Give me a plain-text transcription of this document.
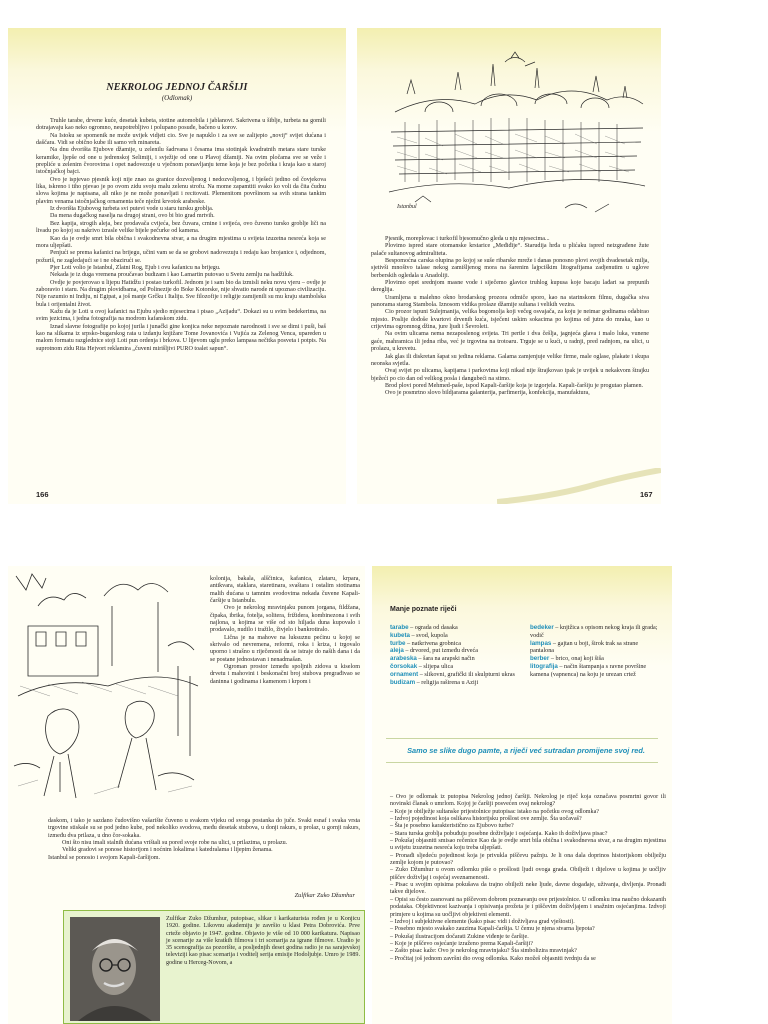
NEKROLOG JEDNOJ ČARŠIJI
(Odlomak)

Truhle tarabe, drvene kuće, desetak kubeta, stotine automobila i jablanovi. Sakrivena u šiblje, turbeta na gomili dotrajavaju kao neko ogromno, neupotrebljivo i polupano posuđe, bačeno u korov.

Na Istoku se spomenik ne može uvijek vidjeti cio. Sve je napuklo i za sve se zalijepio „novij“ svijet dućana i daščara. Vidi se obično kube ili samo vrh minareta.

Na dnu dvorišta Ejubove džamije, u zelenilu šadrvana i česama ima stotinjak kvadratnih metara stare turske keramike, ljepše od one u jedrenskoj Selimiji, i svježije od one u Plavoj džamiji. Na ovim pločama sve se veže i prepliće u zelenim čvorovima i opet nadovezuje u vječnom ponavljanju teme koja je bez početka i kraja kao u staroj istočnjačkoj bajci.

Ovo je ispjevao pjesnik koji nije znao za granice dozvoljenog i nedozvoljenog, i bješeći jedino od čovjekova lika, iskreno i tiho pjevao je po ovom zidu svoju malu zelenu strofu. Na mome zapamtiti svako ko voli da čita čudnu slova kojima je napisana, ali niko je ne može ponavljati i recitovati. Plemenitom površinom sa svih strana tankim plavim venama istočnjačkog ornamenta teče nježni krvotok arabeske.

Iz dvorišta Ejubovog turbeta svi putevi vode u staru tursku groblja.

Da mena dugačkog naselja na drugoj strani, ovo bi bio grad mrtvih.

Bez kapija, strogih aleja, bez prodavača cvijeća, bez čuvara, crnine i svijeća, ovo čuveno tursko groblje liči na livadu po kojoj su nakrivo izrasle velike bijele pečurke od kamena.

Kao da je ovdje smrt bila obična i svakodnevna stvar, a na drugim mjestima u svijeta izuzetna nesreća koja se mora uljepšati.

Penjući se prema kafanici na brijegu, učini vam se da se grobovi nadovezuju i redaju kao brojanice i, odjednom, požuriš, ne zagledajući se i ne obazirući se.

Pjer Loti volio je Istanbul, Zlatni Rog, Ejub i ovu kafanicu na brijegu.

Nekada je iz duga vremena proučavao budizam i kao Lamartin putovao u Svetu zemlju na hadžiluk.

Ovdje je povjerovao u lijepu Hatidžu i postao turkofil. Jednom je i sam bio da izmisli neku novu vjeru – ovdje je zaboravio i staru. Na drugim plovidbama, od Polinezije do Boke Kotorske, nije shvatio narode ni upoznao civilizaciju. Nije razumio ni Indiju, ni Egipat, a još manje Grčku i Italiju. Sve filozofije i religije zamijenili su mu kraju stambolska bula i orijentalni život.

Kažu da je Loti u ovoj kafanici na Ejubu sjedio mjesecima i pisao „Azijadu“. Dokazi su u svim bedekerima, na svim jezicima, i jedna fotografija na modrom kafanskom zidu.

Iznad slavne fotografije po kojoj jurila i junački gine konjica neke nepoznate narodnosti i sve se dimi i puši, baš kao na slikama iz srpsko-bugarskog rata u izdanju knjižare Tome Jovanovića i Vujića za Zelenog Venca, upareden u malom formatu razglednice stoji Loti pun ordenja i brkova. U lijevom uglu preko lampasa nečitka posveta i potpis. Na suprotnom zidu Rita Hejvort reklamira „čuveni mirišljivi PURO toalet sapun“.

166
Istanbul

Pjesnik, moreplovac i turkofil bjesomučno gleda u nju mjesecima...

Plovimo ispred stare otomanske krstarice „Međiđije“. Starudija hrđa u plićaku ispred neizgrađene žute palače sultanovog admiraliteta.

Bespomoćna carska olupina po kojoj se suše ribarske mreže i danas ponosno plovi svojih dvadesetak milja, sjetivši mnoštvo talase nekog zamišljenog mora na šarenim lajpciškim litografijama zadjenutim u uglove berberskih ogledala u Anadoliji.

Plovimo opet srednjom masne vode i siječemo glavice truhlog kupusa koje bacaju lađari sa prepunih dereglija.

Uramljena u malehno okno brodarskog prozora odmiče sporo, kao na starinskom filmu, dugačka siva panorama starog Stambola. Iznosom vidika prolaze džamije sultana i velikih vezira.

Cio prozor ispuni Sulejmanija, velika bogomolja koji večeg osvajača, za koju je neimar godinama odabirao mjesto. Poslije dođoše kvartovi drvenih kuća, isječeni uskim sokacima po kojima od jutra do mraka, kao u crijevima ogromnog džina, jure ljudi i Ševroleti.

Na ovim ulicama nema nezaposlenog svijeta. Tri pertle i dva češlja, jagnjeća glava i malo luka, vunene gaće, mahramica ili jedna riba, već je trgovina na trotoaru. Trguje se u kući, u radnji, pred radnjom, na ulici, u prolazu, u krevetu.

Jak glas ili diskretan šapat su jedina reklama. Galama zamjenjuje velike firme, male oglase, plakate i skupa neonska svjetla.

Ovaj svijet po ulicama, kapijama i parkovima koji nikad nije štrajkovao ipak je uvijek u nekakvom štrajku bježeći po cio dan od velikog posla i dangubeći na stimo.

Brod plovi pored Mehmed-paše, ispod Kapali-čaršije koja je izgorjela. Kapali-čaršiju je progutao plamen.

Ovo je posmrtno slovo bildjarama galanterija, parfimerija, konfekcija, manufaktura,

167

kolonija, bakala, alščinica, kafanica, zlataru, krpara, antikvara, staklara, staretinara, svaštara i ostalim stotinama malih dućana u tamnim svodovima nekada čuvene Kapali-čaršije u Istanbulu.

Ovo je nekrolog mravinjaku punom jorgana, fildžana, čipaka, ibrika, fotelja, solitera, frižidera, kombinezona i svih najlona, u kojima se više od sto hiljada duna kupovalo i prodavalo, nudilo i tražilo, živjelo i bankrotiralo.

Lična je na mahove na luksuznu pećinu u kojoj se skrivalo od nevremena, reformi, roka i kriza, i trgovalo uporno i strašno u riječenosti da se istraje do naših dana i da se postane jednostavan i nenadmašan.

Ogroman prostor između spoljnih zidova u kiselom drvetu i mahovini i beskonačni broj stubova pregrađivao se daninna i godinama i kamenom i krpom i

daskom, i tako je sazdano čudovišno vašarište čuveno u svakom vijeku od svoga postanka do juče. Svaki esnaf i svaka vrsta trgovine stiskale su se pod jedno kube, pod nekoliko svodova, među desetak stubova, u donji rakurs, u prolaz, u gornji rakurs, između dva prilaza, u dno čor-sokaka.

Oni što nisu imali stalnih dućana vrištali su pored svoje robe na ulici, u prilazima, u prolazu.

Veliki gradovi se ponose historijom i noćnim lokalima i katedralama i lijepim ženama.

Istanbul se ponosio i svojom Kapali-čaršijom.

Zulfikar Zuko Džumhur
Zulfikar Zuko Džumhur, putopisac, slikar i karikaturista rođen je u Konjicu 1920. godine. Likovnu akademiju je završio u klasi Petra Dobrovića. Prve crteže objavio je 1947. godine. Objavio je više od 10 000 karikatura. Napisao je scenarije za više kratkih filmova i tri scenarija za igrane filmove. Uradio je 35 scenografija za pozorište, a posljednjih deset godina radio je na sarajevskoj televiziji kao pisac scenarija i voditelj serija emisije Hodoljubje. Umro je 1989. godine u Herceg-Novom, a
Manje poznate riječi
tarabe – ograda od dasaka
kubeta – svod, kupola
turbe – natkrivena grobnica
aleja – drvored, put između drveća
arabeska – šara na arapski način
čorsokak – slijepa ulica
ornament – slikovni, grafički ili skulpturni ukras
budizam – religija raširena u Aziji
bedeker – knjižica s opisom nekog kraja ili grada; vodič
lampas – gajtan u boji, širok trak sa strane pantalona
berber – brico, onaj koji šiša
litografija – način štampanja s ravne površine kamena (vapnenca) na koju je urezan crtež
Samo se slike dugo pamte, a riječi već sutradan promijene svoj red.

– Ovo je odlomak iz putopisa Nekrolog jednoj čaršiji. Nekrolog je riječ koja označava posmrtni govor ili novinski članak o umrlom. Kojoj je čaršiji posvećen ovaj nekrolog?

– Koje je obilježje sultanske prijestolnice putopisac istako na početku ovog odlomka?

– Izdvoj pojedinost koja oslikava historijsku prošlost ove zemlje. Šta uočavaš?

– Šta je posebno karakteristično za Ejubovo turbe?

– Stara turska groblja pobuđuju posebne doživljaje i osjećanja. Kako ih doživljava pisac?

– Pokušaj objasniti smisao rečenice Kao da je ovdje smrt bila obična i svakodnevna stvar, a na drugim mjestima u svijetu izuzetna nesreća koju treba uljepšati.

– Pronađi sljedeću pojedinost koja je privukla piščevu pažnju. Je li ona dala doprinos historijskom obilježju zemlje kojom je putovao?

– Zuko Džumhur u ovom odlomku piše o prošlosti ljudi ovoga grada. Obilježi i dijelove u kojima je uočljiv piščev doživljaj i osjećaj sveznamenosti.

– Pisac u svojim opisima pokušava da trajno obilježi neke ljude, davne događaje, uživanja, divljenja. Pronađi takve dijelove.

– Opisi su često zasnovani na piščevom dobrom poznavanju ove prijestolnice. U odlomku ima naučno dokazanih podataka. Objektivnost kazivanja i opisivanja prožeta je i piščevim doživljajem i snažnim osjećanjima. Izdvoji primjere u kojima su uočljivi objektivni elementi.

– Izdvoj i subjektivne elemente (kako pisac vidi i doživljava grad vještosti).

– Posebno mjesto svakako zauzima Kapali-čaršija. U čemu je njena stvarna ljepota?

– Pokušaj ilustracijom dočarati Zukine viđenje te čaršije.

– Koje je piščevo osjećanje izraženo prema Kapali-čaršiji?

– Zašto pisac kaže: Ovo je nekrolog mravinjaku? Šta simbolizira mravinjak?

– Pročitaj još jednom završni dio ovog odlomka. Kako možeš objasniti tvrdnju da se
